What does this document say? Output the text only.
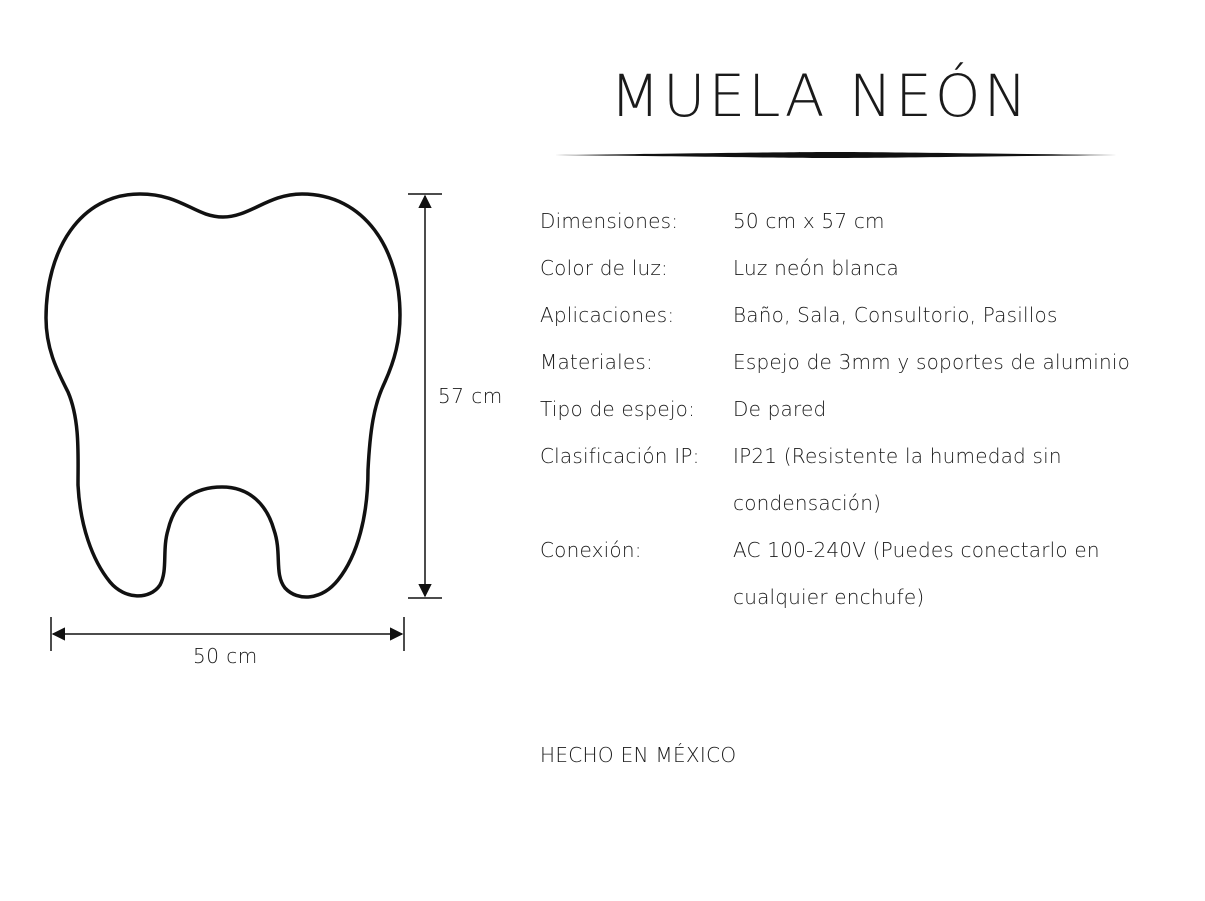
57 cm
50 cm
MUELA NEÓN
Dimensiones:	50 cm x 57 cm
Color de luz:	Luz neón blanca
Aplicaciones:	Baño, Sala, Consultorio, Pasillos
Materiales:	Espejo de 3mm y soportes de aluminio
Tipo de espejo:	De pared
Clasificación IP:	IP21 (Resistente la humedad sin condensación)
Conexión:	AC 100-240V (Puedes conectarlo en cualquier enchufe)
HECHO EN MÉXICO
